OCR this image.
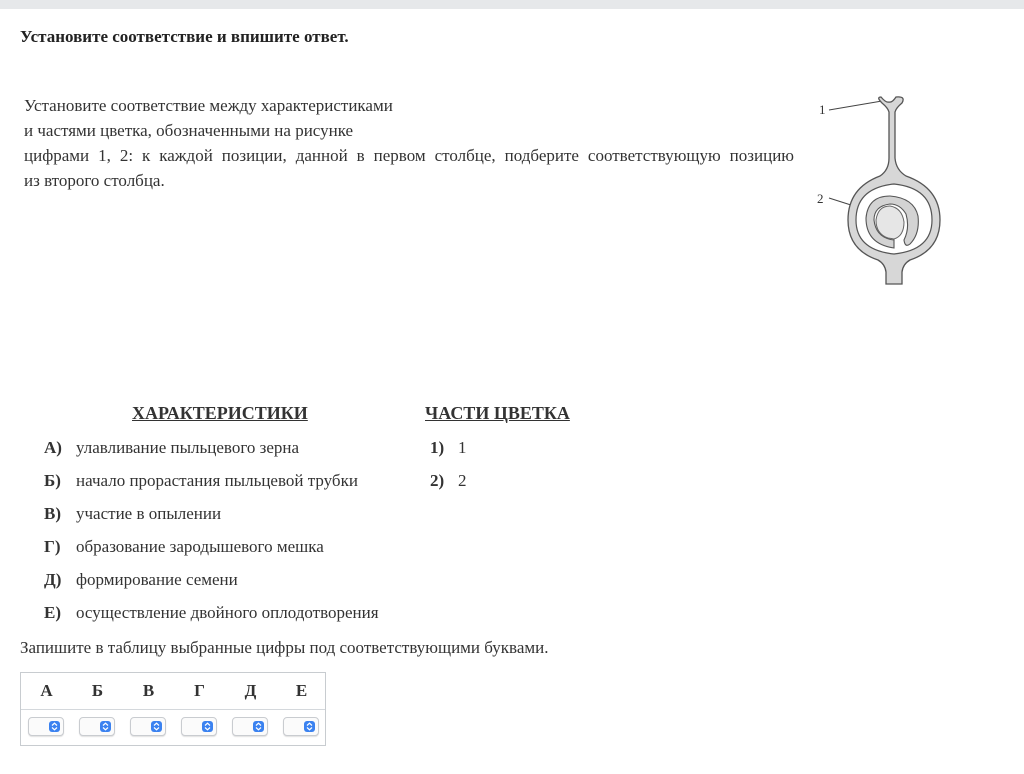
Установите соответствие и впишите ответ.
Установите соответствие между характеристиками
и частями цветка, обозначенными на рисунке
цифрами 1, 2: к каждой позиции, данной в первом столбце, подберите соответствующую позицию
из второго столбца.
1
2
ХАРАКТЕРИСТИКИ	ЧАСТИ ЦВЕТКА
А) улавливание пыльцевого зерна
Б) начало прорастания пыльцевой трубки
В) участие в опылении
Г) образование зародышевого мешка
Д) формирование семени
Е) осуществление двойного оплодотворения
1) 1
2) 2
Запишите в таблицу выбранные цифры под соответствующими буквами.
А	Б	В	Г	Д	Е
